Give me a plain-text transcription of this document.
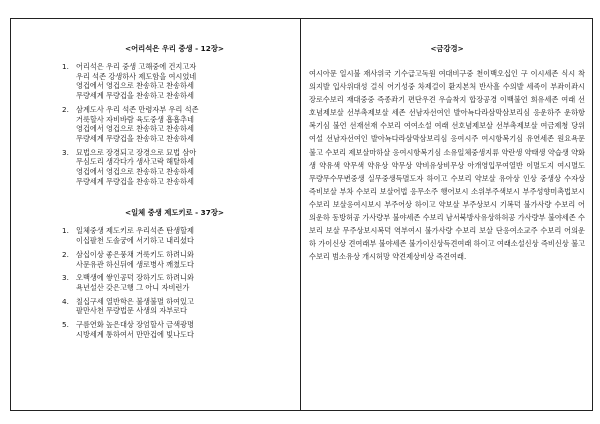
<어리석은 우리 중생 - 12장>
1. 어리석은 우리 중생 고해중에 건지고자
우리 석존 강생하사 제도함을 여시었네
영겁에서 영겁으로 찬송하고 찬송하세
무량세계 무량겁을 찬송하고 찬송하세
2. 삼계도사 우리 석존 만령자부 우리 석존
거룩할사 자비바람 육도중생 흡흡추네
영겁에서 영겁으로 찬송하고 찬송하세
무량세계 무량겁을 찬송하고 찬송하세
3. 묘법으로 장경되고 장경으로 묘법 삼아
무심도리 생각다가 생사고락 해탈하세
영겁에서 영겁으로 찬송하고 찬송하세
무량세계 무량겁을 찬송하고 찬송하세
<일체 중생 제도키로 - 37장>
1. 일체중생 제도키로 우리석존 탄생할제
이십팔천 도솔궁에 서기하고 내리셨다
2. 삼십이상 좋은풍채 거룩키도 하려니와
사문유관 하신뒤에 생로병사 깨쳤도다
3. 오백생에 쌓인공덕 장하기도 하려니와
욕년설산 갖은고행 그 아니 자비런가
4. 칠십구세 열반학은 불생불멸 하여있고
팔만사천 무량법문 사생의 자부로다
5. 구름연화 높은대상 장엄할사 금색광명
시방세계 통하여서 만만겁에 빛나도다
<금강경>

여시아문 일시불 재사위국 기수급고독원 여대비구중 천이백오십인 구 이시세존 식시 착의지발 입사위대성 걸식 어기성중 차제걸이 환지본처 반사흘 수의발 세족이 부좌이좌시 장로수보리 재대중중 즉종좌기 편단우견 우슬착지 합장공경 이백불언 희유세존 여래 선호념제보살 선부촉제보살 세존 선남자선여인 발아뇩다라삼막삼보리심 응운하주 운하항복기심 불언 선재선재 수보리 여여소설 여래 선호념제보살 선부촉제보살 여금제청 당위여설 선남자선여인 발아뇩다라삼막삼보리심 응여시주 여시항복기심 유연세존 원요욕문 불고 수보리 제보살마하살 응여시항복기심 소유일체중생지류 약란생 약태생 약습생 약화생 약유색 약무색 약유상 약무상 약비유상비무상 아개영입무여열반 이멸도지 여시멸도 무량무수무변중생 실무중생득멸도자 하이고 수보리 약보살 유아상 인상 중생상 수자상 즉비보살 부차 수보리 보살어법 응무소주 행어보시 소위부주색보시 부주성향미촉법보시수보리 보살응여시보시 부주어상 하이고 약보살 부주상보시 기복덕 불가사량 수보리 어의운하 동방허공 가사량부 불야세존 수보리 남서북방사유상하허공 가사량부 불야세존 수보리 보살 무주상보시복덕 역부여시 불가사량 수보리 보살 단응여소교주 수보리 어의운하 가이신상 견여래부 불야세존 불가이신상득견여래 하이고 여래소설신상 즉비신상 불고수보리 범소유상 개시허망 약견제상비상 즉견여래.
